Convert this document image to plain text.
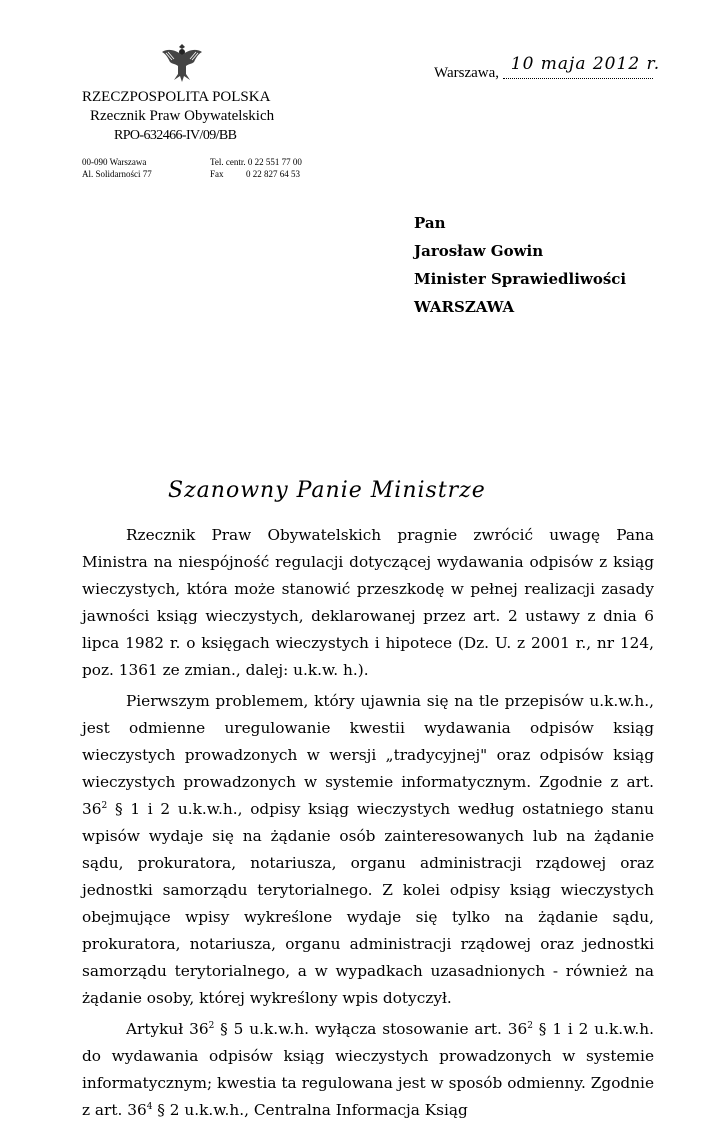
RZECZPOSPOLITA POLSKA
Rzecznik Praw Obywatelskich
RPO-632466-IV/09/BB
00-090 Warszawa
Al. Solidarności 77
Tel. centr. 0 22 551 77 00
Fax          0 22 827 64 53
Warszawa, 10 maja 2012 r.
Pan
Jarosław Gowin
Minister Sprawiedliwości
WARSZAWA
Szanowny Panie Ministrze

Rzecznik Praw Obywatelskich pragnie zwrócić uwagę Pana Ministra na niespójność regulacji dotyczącej wydawania odpisów z ksiąg wieczystych, która może stanowić przeszkodę w pełnej realizacji zasady jawności ksiąg wieczystych, deklarowanej przez art. 2 ustawy z dnia 6 lipca 1982 r. o księgach wieczystych i hipotece (Dz. U. z 2001 r., nr 124, poz. 1361 ze zmian., dalej: u.k.w. h.).

Pierwszym problemem, który ujawnia się na tle przepisów u.k.w.h., jest odmienne uregulowanie kwestii wydawania odpisów ksiąg wieczystych prowadzonych w wersji „tradycyjnej" oraz odpisów ksiąg wieczystych prowadzonych w systemie informatycznym. Zgodnie z art. $36^2$ § 1 i 2 u.k.w.h., odpisy ksiąg wieczystych według ostatniego stanu wpisów wydaje się na żądanie osób zainteresowanych lub na żądanie sądu, prokuratora, notariusza, organu administracji rządowej oraz jednostki samorządu terytorialnego. Z kolei odpisy ksiąg wieczystych obejmujące wpisy wykreślone wydaje się tylko na żądanie sądu, prokuratora, notariusza, organu administracji rządowej oraz jednostki samorządu terytorialnego, a w wypadkach uzasadnionych - również na żądanie osoby, której wykreślony wpis dotyczył.

Artykuł $36^2$ § 5 u.k.w.h. wyłącza stosowanie art. $36^2$ § 1 i 2 u.k.w.h. do wydawania odpisów ksiąg wieczystych prowadzonych w systemie informatycznym; kwestia ta regulowana jest w sposób odmienny. Zgodnie z art. $36^4$ § 2 u.k.w.h., Centralna Informacja Ksiąg
